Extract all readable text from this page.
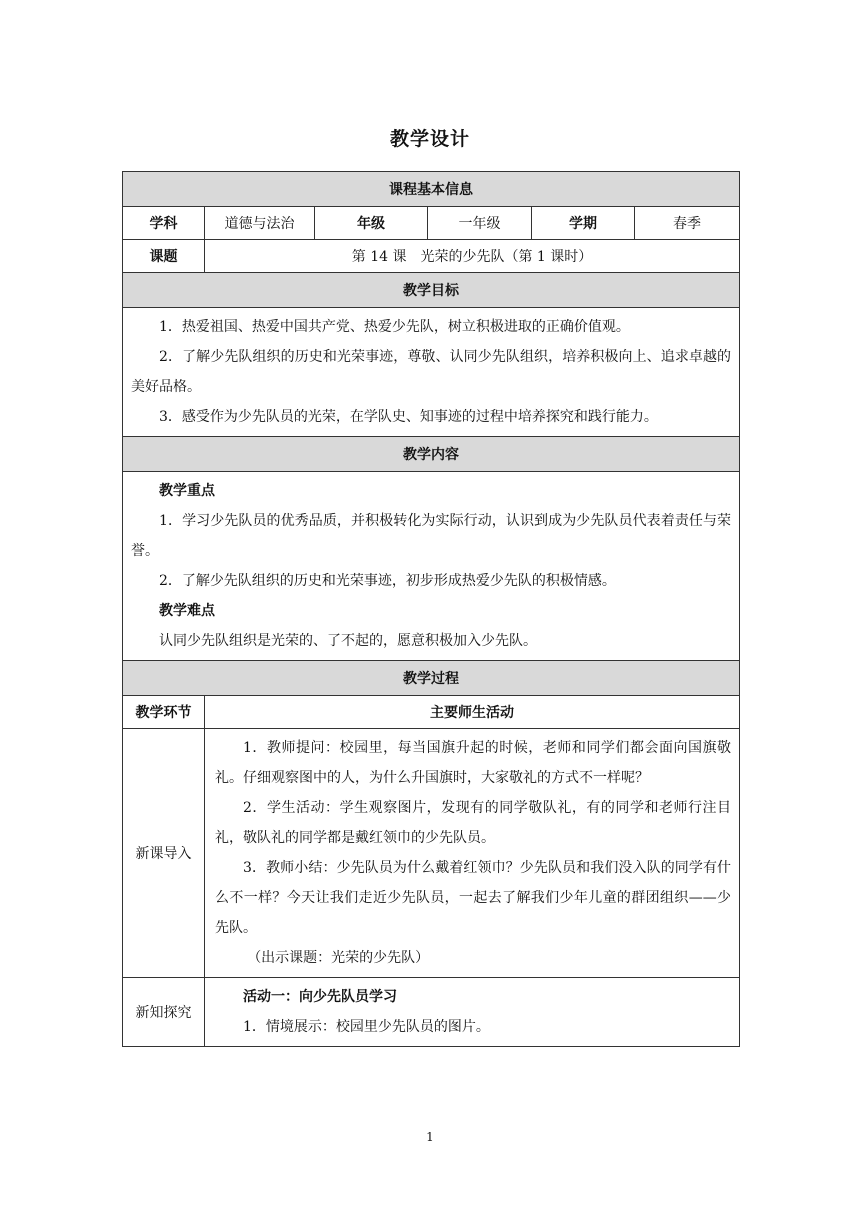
教学设计
课程基本信息					
学科	道德与法治	年级	一年级	学期	春季
课题	第 14 课　光荣的少先队（第 1 课时）				
教学目标					

1．热爱祖国、热爱中国共产党、热爱少先队，树立积极进取的正确价值观。

2．了解少先队组织的历史和光荣事迹，尊敬、认同少先队组织，培养积极向上、追求卓越的美好品格。

3．感受作为少先队员的光荣，在学队史、知事迹的过程中培养探究和践行能力。					

教学内容					

教学重点

1．学习少先队员的优秀品质，并积极转化为实际行动，认识到成为少先队员代表着责任与荣誉。

2．了解少先队组织的历史和光荣事迹，初步形成热爱少先队的积极情感。

教学难点

认同少先队组织是光荣的、了不起的，愿意积极加入少先队。					

教学过程					
教学环节	主要师生活动				
新课导入	1．教师提问：校园里，每当国旗升起的时候，老师和同学们都会面向国旗敬礼。仔细观察图中的人，为什么升国旗时，大家敬礼的方式不一样呢？

2．学生活动：学生观察图片，发现有的同学敬队礼，有的同学和老师行注目礼，敬队礼的同学都是戴红领巾的少先队员。

3．教师小结：少先队员为什么戴着红领巾？少先队员和我们没入队的同学有什么不一样？今天让我们走近少先队员，一起去了解我们少年儿童的群团组织——少先队。

（出示课题：光荣的少先队）				

新知探究	活动一：向少先队员学习

1．情境展示：校园里少先队员的图片。				

1
